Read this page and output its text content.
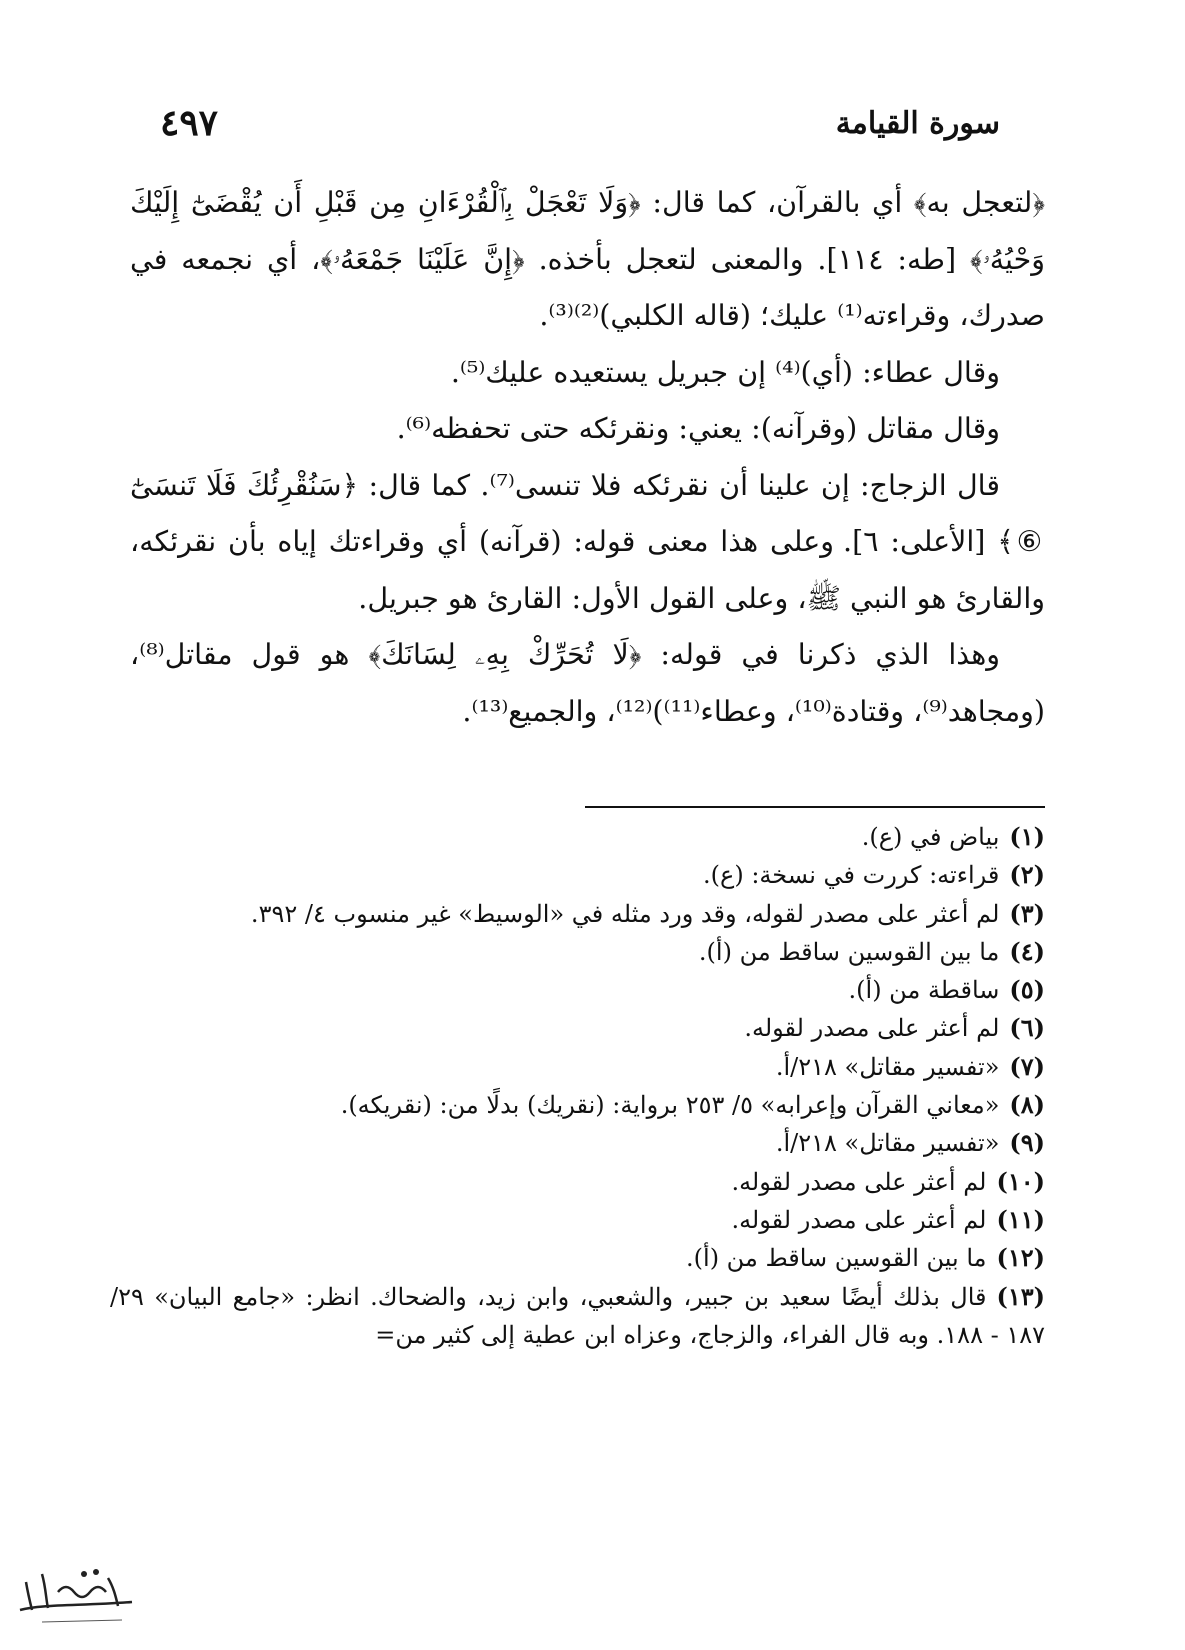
سورة القيامة
٤٩٧

﴿لتعجل به﴾ أي بالقرآن، كما قال: ﴿وَلَا تَعْجَلْ بِٱلْقُرْءَانِ مِن قَبْلِ أَن يُقْضَىٰٓ إِلَيْكَ وَحْيُهُۥ﴾ [طه: ١١٤]. والمعنى لتعجل بأخذه. ﴿إِنَّ عَلَيْنَا جَمْعَهُۥ﴾، أي نجمعه في صدرك، وقراءته⁽¹⁾ عليك؛ (قاله الكلبي)⁽²⁾⁽³⁾.

وقال عطاء: (أي)⁽⁴⁾ إن جبريل يستعيده عليك⁽⁵⁾.

وقال مقاتل (وقرآنه): يعني: ونقرئكه حتى تحفظه⁽⁶⁾.

قال الزجاج: إن علينا أن نقرئكه فلا تنسى⁽⁷⁾. كما قال: ﴿سَنُقْرِئُكَ فَلَا تَنسَىٰٓ ⑥﴾ [الأعلى: ٦]. وعلى هذا معنى قوله: (قرآنه) أي وقراءتك إياه بأن نقرئكه، والقارئ هو النبي ﷺ، وعلى القول الأول: القارئ هو جبريل.

وهذا الذي ذكرنا في قوله: ﴿لَا تُحَرِّكْ بِهِۦ لِسَانَكَ﴾ هو قول مقاتل⁽⁸⁾، (ومجاهد⁽⁹⁾، وقتادة⁽¹⁰⁾، وعطاء⁽¹¹⁾)⁽¹²⁾، والجميع⁽¹³⁾.

(١)بياض في (ع).
(٢)قراءته: كررت في نسخة: (ع).
(٣)لم أعثر على مصدر لقوله، وقد ورد مثله في «الوسيط» غير منسوب ٤/ ٣٩٢.
(٤)ما بين القوسين ساقط من (أ).
(٥)ساقطة من (أ).
(٦)لم أعثر على مصدر لقوله.
(٧)«تفسير مقاتل» ٢١٨/أ.
(٨)«معاني القرآن وإعرابه» ٥/ ٢٥٣ برواية: (نقريك) بدلًا من: (نقريكه).
(٩)«تفسير مقاتل» ٢١٨/أ.
(١٠)لم أعثر على مصدر لقوله.
(١١)لم أعثر على مصدر لقوله.
(١٢)ما بين القوسين ساقط من (أ).
(١٣)قال بذلك أيضًا سعيد بن جبير، والشعبي، وابن زيد، والضحاك. انظر: «جامع البيان» ٢٩/ ١٨٧ - ١٨٨. وبه قال الفراء، والزجاج، وعزاه ابن عطية إلى كثير من=
